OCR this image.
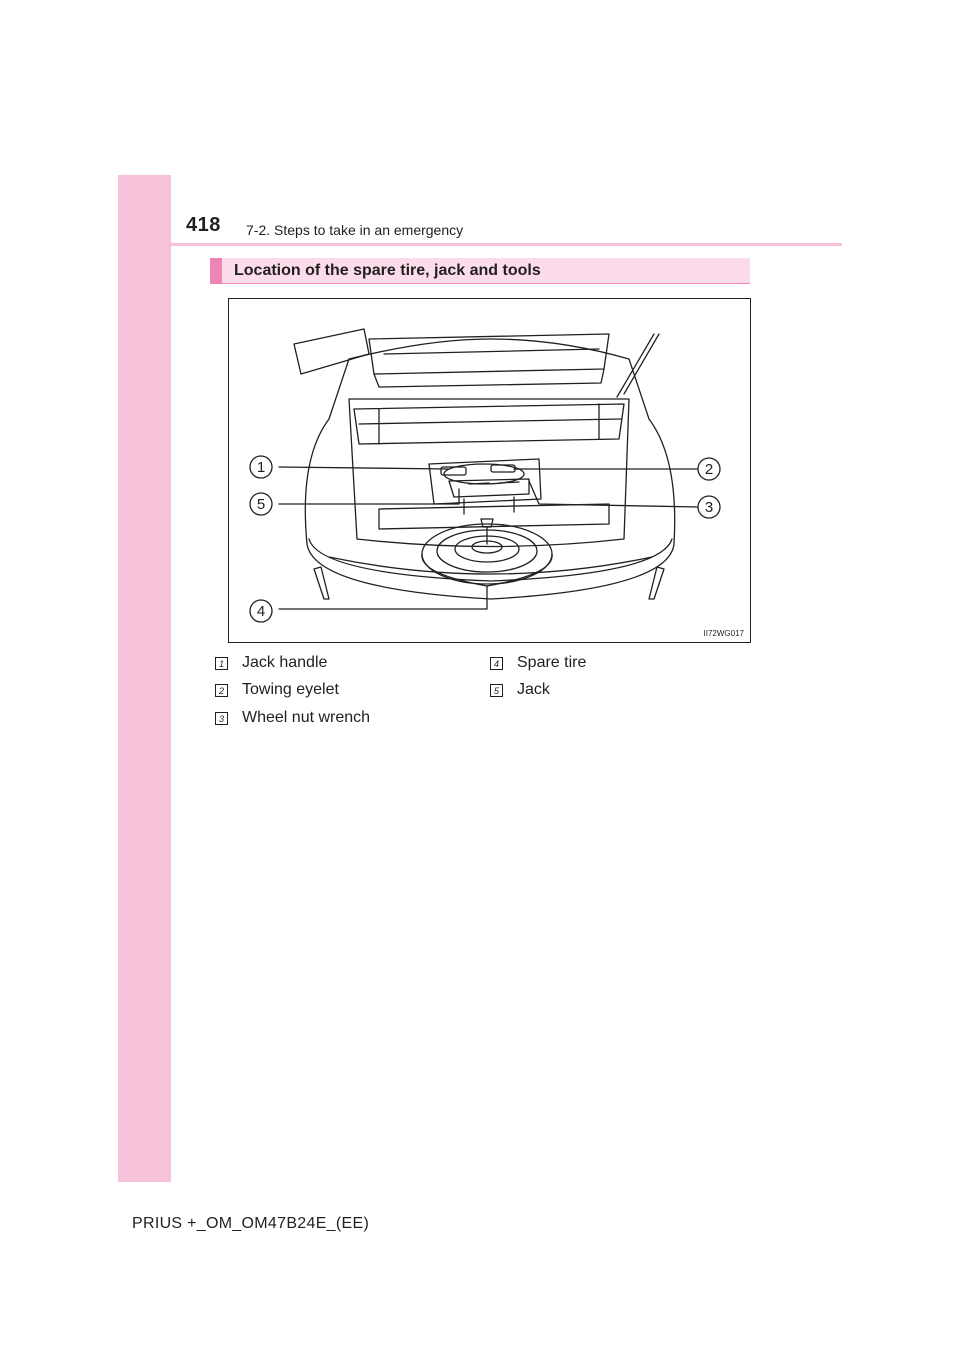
418 7-2. Steps to take in an emergency
Location of the spare tire, jack and tools
1	2
3
4
5
II72WG017
1 Jack handle
2 Towing eyelet
3 Wheel nut wrench
4 Spare tire
5 Jack
PRIUS +_OM_OM47B24E_(EE)
